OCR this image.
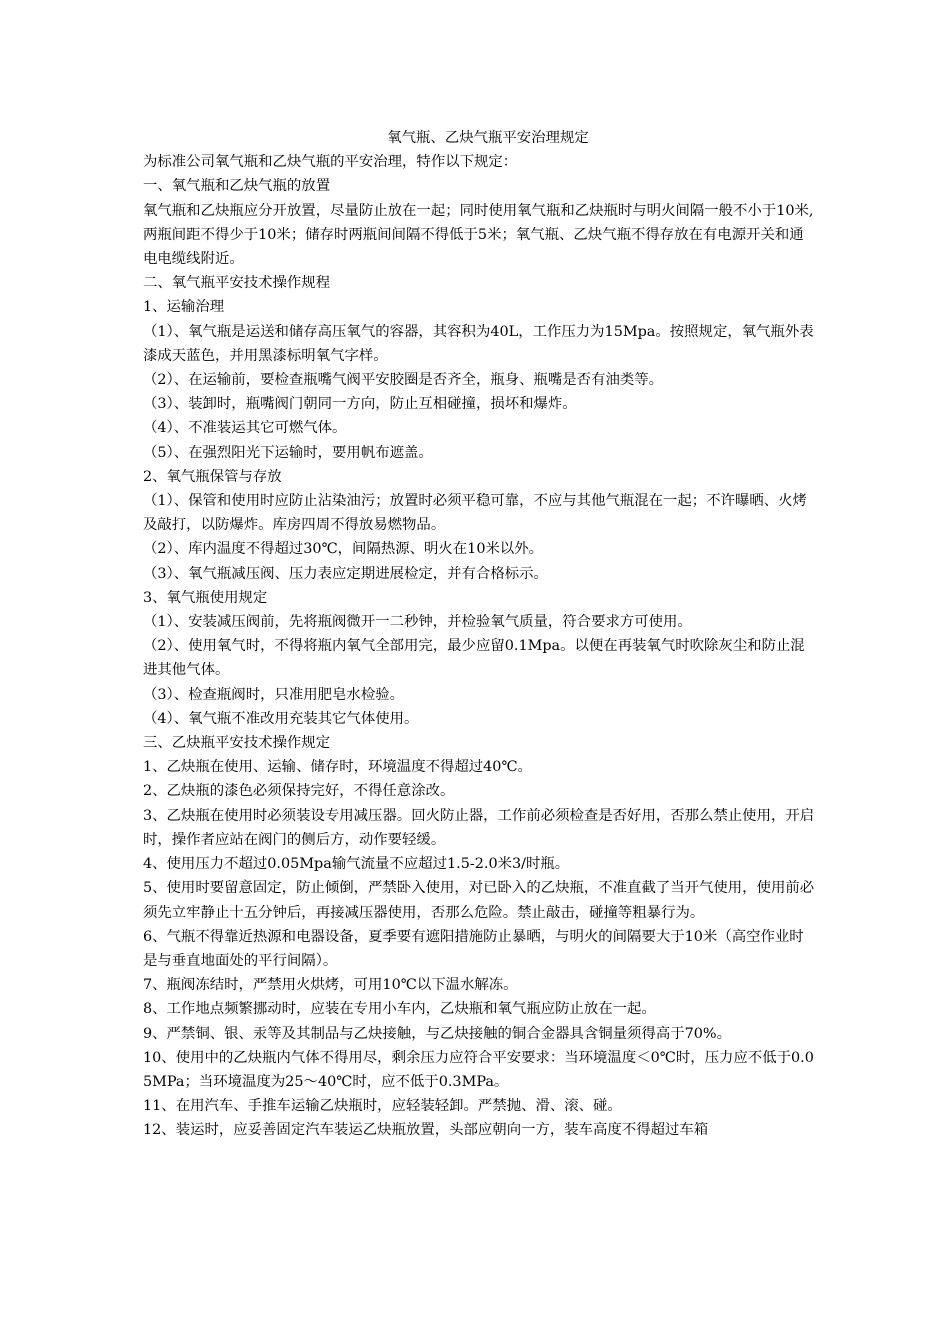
氧气瓶、乙炔气瓶平安治理规定

为标准公司氧气瓶和乙炔气瓶的平安治理，特作以下规定：

一、氧气瓶和乙炔气瓶的放置

氧气瓶和乙炔瓶应分开放置，尽量防止放在一起；同时使用氧气瓶和乙炔瓶时与明火间隔一般不小于10米,两瓶间距不得少于10米；储存时两瓶间间隔不得低于5米；氧气瓶、乙炔气瓶不得存放在有电源开关和通电电缆线附近。

二、氧气瓶平安技术操作规程

1、运输治理

（1）、氧气瓶是运送和储存高压氧气的容器，其容积为40L，工作压力为15Mpa。按照规定，氧气瓶外表漆成天蓝色，并用黑漆标明氧气字样。

（2）、在运输前，要检查瓶嘴气阀平安胶圈是否齐全，瓶身、瓶嘴是否有油类等。

（3）、装卸时，瓶嘴阀门朝同一方向，防止互相碰撞，损坏和爆炸。

（4）、不准装运其它可燃气体。

（5）、在强烈阳光下运输时，要用帆布遮盖。

2、氧气瓶保管与存放

（1）、保管和使用时应防止沾染油污；放置时必须平稳可靠，不应与其他气瓶混在一起；不许曝晒、火烤及敲打，以防爆炸。库房四周不得放易燃物品。

（2）、库内温度不得超过30℃，间隔热源、明火在10米以外。

（3）、氧气瓶减压阀、压力表应定期进展检定，并有合格标示。

3、氧气瓶使用规定

（1）、安装减压阀前，先将瓶阀微开一二秒钟，并检验氧气质量，符合要求方可使用。

（2）、使用氧气时，不得将瓶内氧气全部用完，最少应留0.1Mpa。以便在再装氧气时吹除灰尘和防止混进其他气体。

（3）、检查瓶阀时，只准用肥皂水检验。

（4）、氧气瓶不准改用充装其它气体使用。

三、乙炔瓶平安技术操作规定

1、乙炔瓶在使用、运输、储存时，环境温度不得超过40℃。

2、乙炔瓶的漆色必须保持完好，不得任意涂改。

3、乙炔瓶在使用时必须装设专用减压器。回火防止器，工作前必须检查是否好用，否那么禁止使用，开启时，操作者应站在阀门的侧后方，动作要轻缓。

4、使用压力不超过0.05Mpa输气流量不应超过1.5-2.0米3/时瓶。

5、使用时要留意固定，防止倾倒，严禁卧入使用，对已卧入的乙炔瓶，不准直截了当开气使用，使用前必须先立牢静止十五分钟后，再接减压器使用，否那么危险。禁止敲击，碰撞等粗暴行为。

6、气瓶不得靠近热源和电器设备，夏季要有遮阳措施防止暴晒，与明火的间隔要大于10米（高空作业时是与垂直地面处的平行间隔）。

7、瓶阀冻结时，严禁用火烘烤，可用10℃以下温水解冻。

8、工作地点频繁挪动时，应装在专用小车内，乙炔瓶和氧气瓶应防止放在一起。

9、严禁铜、银、汞等及其制品与乙炔接触，与乙炔接触的铜合金器具含铜量须得高于70%。

10、使用中的乙炔瓶内气体不得用尽，剩余压力应符合平安要求：当环境温度＜0℃时，压力应不低于0.05MPa；当环境温度为25～40℃时，应不低于0.3MPa。

11、在用汽车、手推车运输乙炔瓶时，应轻装轻卸。严禁抛、滑、滚、碰。

12、装运时，应妥善固定汽车装运乙炔瓶放置，头部应朝向一方，装车高度不得超过车箱
